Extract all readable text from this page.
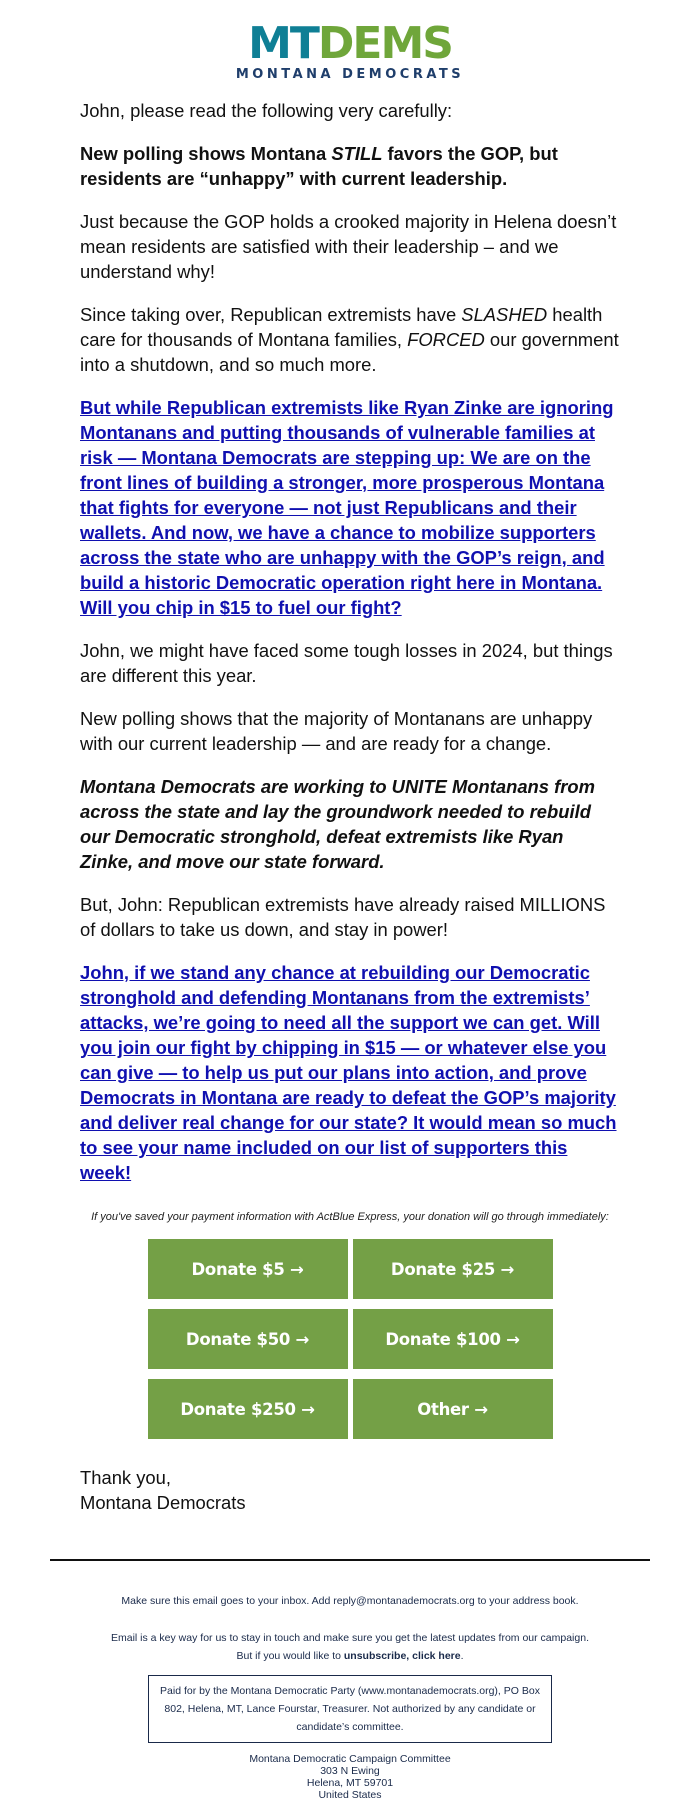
MT DEMS
MONTANA DEMOCRATS

John, please read the following very carefully:

New polling shows Montana STILL favors the GOP, but residents are “unhappy” with current leadership.

Just because the GOP holds a crooked majority in Helena doesn’t mean residents are satisfied with their leadership – and we understand why!

Since taking over, Republican extremists have SLASHED health care for thousands of Montana families, FORCED our government into a shutdown, and so much more.

But while Republican extremists like Ryan Zinke are ignoring Montanans and putting thousands of vulnerable families at risk — Montana Democrats are stepping up: We are on the front lines of building a stronger, more prosperous Montana that fights for everyone — not just Republicans and their wallets. And now, we have a chance to mobilize supporters across the state who are unhappy with the GOP’s reign, and build a historic Democratic operation right here in Montana. Will you chip in $15 to fuel our fight?

John, we might have faced some tough losses in 2024, but things are different this year.

New polling shows that the majority of Montanans are unhappy with our current leadership — and are ready for a change.

Montana Democrats are working to UNITE Montanans from across the state and lay the groundwork needed to rebuild our Democratic stronghold, defeat extremists like Ryan Zinke, and move our state forward.

But, John: Republican extremists have already raised MILLIONS of dollars to take us down, and stay in power!

John, if we stand any chance at rebuilding our Democratic stronghold and defending Montanans from the extremists’ attacks, we’re going to need all the support we can get. Will you join our fight by chipping in $15 — or whatever else you can give — to help us put our plans into action, and prove Democrats in Montana are ready to defeat the GOP’s majority and deliver real change for our state? It would mean so much to see your name included on our list of supporters this week!

If you've saved your payment information with ActBlue Express, your donation will go through immediately:
Donate $5 →	Donate $25 →
Donate $50 →	Donate $100 →
Donate $250 →	Other →
Thank you,
Montana Democrats
Make sure this email goes to your inbox. Add reply@montanademocrats.org to your address book.
Email is a key way for us to stay in touch and make sure you get the latest updates from our campaign.
But if you would like to unsubscribe, click here.
Paid for by the Montana Democratic Party (www.montanademocrats.org), PO Box 802, Helena, MT, Lance Fourstar, Treasurer. Not authorized by any candidate or candidate’s committee.
Montana Democratic Campaign Committee
303 N Ewing
Helena, MT 59701
United States
